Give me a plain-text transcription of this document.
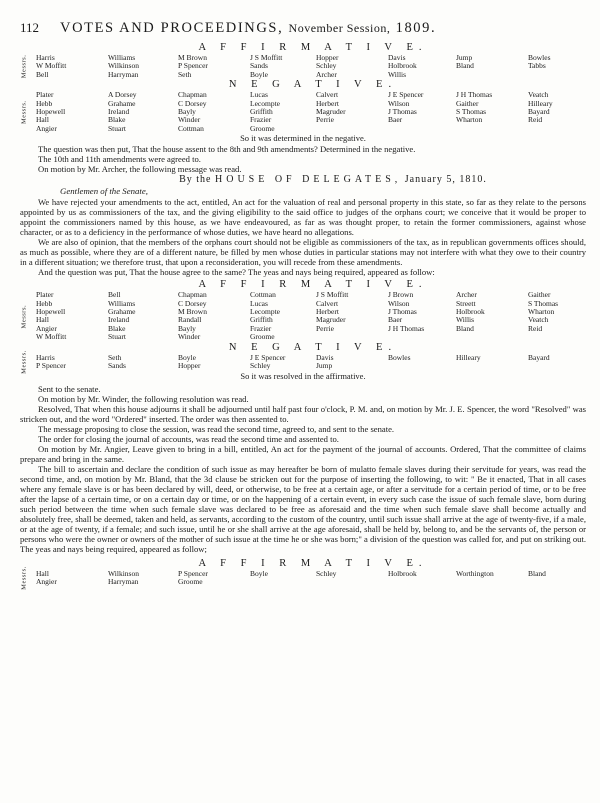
112	VOTES AND PROCEEDINGS, November Session, 1809.
A F F I R M A T I V E.
Messrs.	Harris	Williams	M Brown	J S Moffitt	Hopper	Davis	Jump	Bowles
W Moffitt	Wilkinson	P Spencer	Sands	Schley	Holbrook	Bland	Tabbs
Bell	Harryman	Seth	Boyle	Archer	Willis
N E G A T I V E.
Messrs.
Plater	A Dorsey	Chapman	Lucas	Calvert	J E Spencer	J H Thomas	Veatch
Hebb	Grahame	C Dorsey	Lecompte	Herbert	Wilson	Gaither	Hilleary
Hopewell	Ireland	Bayly	Griffith	Magruder	J Thomas	S Thomas	Bayard
Hall	Blake	Winder	Frazier	Perrie	Baer	Wharton	Reid
Angier	Stuart	Cottman	Groome
So it was determined in the negative.

The question was then put, That the house assent to the 8th and 9th amendments? Determined in the negative.

The 10th and 11th amendments were agreed to.

On motion by Mr. Archer, the following message was read.

By the HOUSE OF DELEGATES, January 5, 1810.
Gentlemen of the Senate,

We have rejected your amendments to the act, entitled, An act for the valuation of real and personal property in this state, so far as they relate to the persons appointed by us as commissioners of the tax, and the giving eligibility to the said office to judges of the orphans court; we conceive that it would be proper to appoint the commissioners named by this house, as we have endeavoured, as far as was thought proper, to retain the former commissioners, against whose character, or as to a deficiency in the performance of whose duties, we have heard no allegations.

We are also of opinion, that the members of the orphans court should not be eligible as commissioners of the tax, as in republican governments offices should, as much as possible, where they are of a different nature, be filled by men whose duties in particular stations may not interfere with what they owe to their country in a different situation; we therefore trust, that upon a reconsideration, you will recede from these amendments.

And the question was put, That the house agree to the same? The yeas and nays being required, appeared as follow:

A F F I R M A T I V E.
Messrs.
Plater	Bell	Chapman	Cottman	J S Moffitt	J Brown	Archer	Gaither
Hebb	Williams	C Dorsey	Lucas	Calvert	Wilson	Streett	S Thomas
Hopewell	Grahame	M Brown	Lecompte	Herbert	J Thomas	Holbrook	Wharton
Hall	Ireland	Randall	Griffith	Magruder	Baer	Willis	Veatch
Angier	Blake	Bayly	Frazier	Perrie	J H Thomas	Bland	Reid
W Moffitt	Stuart	Winder	Groome
N E G A T I V E.
Messrs.	Harris	Seth	Boyle	J E Spencer	Davis	Bowles	Hilleary	Bayard
P Spencer	Sands	Hopper	Schley	Jump
So it was resolved in the affirmative.

Sent to the senate.

On motion by Mr. Winder, the following resolution was read.

Resolved, That when this house adjourns it shall be adjourned until half past four o'clock, P. M. and, on motion by Mr. J. E. Spencer, the word "Resolved" was stricken out, and the word "Ordered" inserted. The order was then assented to.

The message proposing to close the session, was read the second time, agreed to, and sent to the senate.

The order for closing the journal of accounts, was read the second time and assented to.

On motion by Mr. Angier, Leave given to bring in a bill, entitled, An act for the payment of the journal of accounts. Ordered, That the committee of claims prepare and bring in the same.

The bill to ascertain and declare the condition of such issue as may hereafter be born of mulatto female slaves during their servitude for years, was read the second time, and, on motion by Mr. Bland, that the 3d clause be stricken out for the purpose of inserting the following, to wit: " Be it enacted, That in all cases where any female slave is or has been declared by will, deed, or otherwise, to be free at a certain age, or after a servitude for a certain period of time, or to be free after the lapse of a certain time, or on a certain day or time, or on the happening of a certain event, in every such case the issue of such female slave, born during such period between the time when such female slave was declared to be free as aforesaid and the time when such female slave shall become actually and absolutely free, shall be deemed, taken and held, as servants, according to the custom of the country, until such issue shall arrive at the age of twenty-five, if a male, or at the age of twenty, if a female; and such issue, until he or she shall arrive at the age aforesaid, shall be held by, belong to, and be the servants of, the person or persons who were the owner or owners of the mother of such issue at the time he or she was born;" a division of the question was called for, and put on striking out. The yeas and nays being required, appeared as follow;

A F F I R M A T I V E.
Messrs.	Hall	Wilkinson	P Spencer	Boyle	Schley	Holbrook	Worthington	Bland
Angier	Harryman	Groome
